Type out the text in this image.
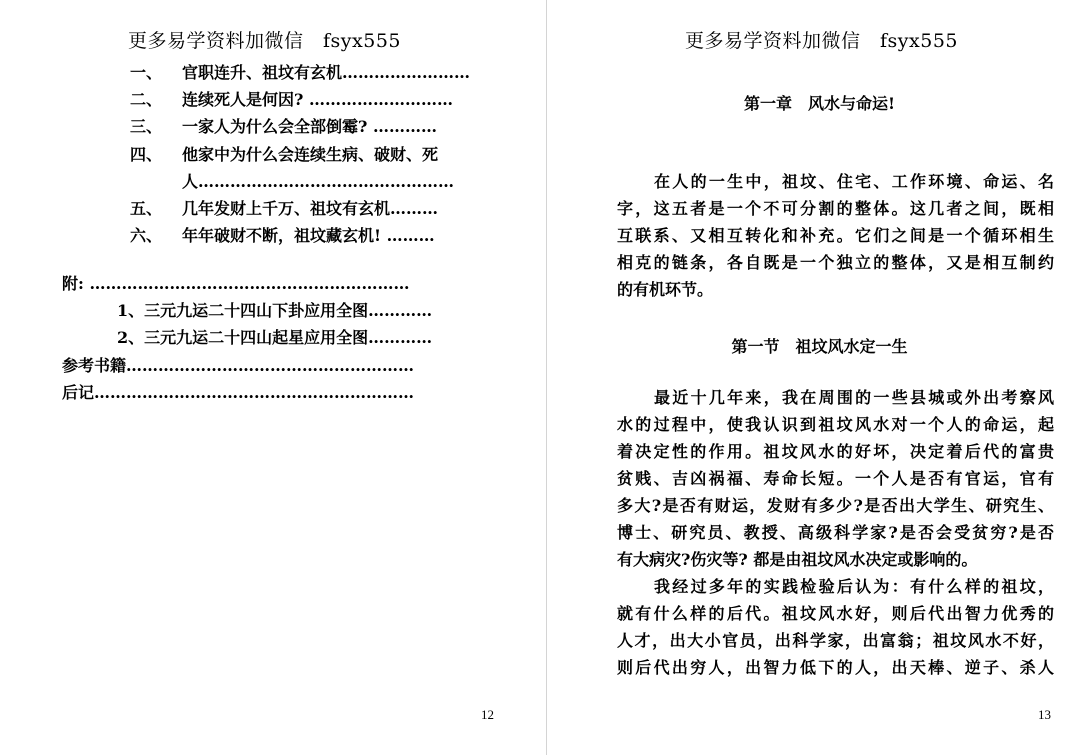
更多易学资料加微信　fsyx555
一、 官职连升、祖坟有玄机……………………
二、 连续死人是何因? ………………………
三、 一家人为什么会全部倒霉? …………
四、 他家中为什么会连续生病、破财、死
人…………………………………………
五、 几年发财上千万、祖坟有玄机………
六、 年年破财不断，祖坟藏玄机! ………
附: ……………………………………………………
1、三元九运二十四山下卦应用全图…………
2、三元九运二十四山起星应用全图…………
参考书籍………………………………………………
后记……………………………………………………
12
更多易学资料加微信　fsyx555
第一章　风水与命运!
在人的一生中，祖坟、住宅、工作环境、命运、名
字，这五者是一个不可分割的整体。这几者之间，既相
互联系、又相互转化和补充。它们之间是一个循环相生
相克的链条，各自既是一个独立的整体，又是相互制约
的有机环节。
第一节　祖坟风水定一生
最近十几年来，我在周围的一些县城或外出考察风
水的过程中，使我认识到祖坟风水对一个人的命运，起
着决定性的作用。祖坟风水的好坏，决定着后代的富贵
贫贱、吉凶祸福、寿命长短。一个人是否有官运，官有
多大?是否有财运，发财有多少?是否出大学生、研究生、
博士、研究员、教授、高级科学家?是否会受贫穷?是否
有大病灾?伤灾等? 都是由祖坟风水决定或影响的。
我经过多年的实践检验后认为：有什么样的祖坟，
就有什么样的后代。祖坟风水好，则后代出智力优秀的
人才，出大小官员，出科学家，出富翁；祖坟风水不好，
则后代出穷人，出智力低下的人，出天棒、逆子、杀人
13
